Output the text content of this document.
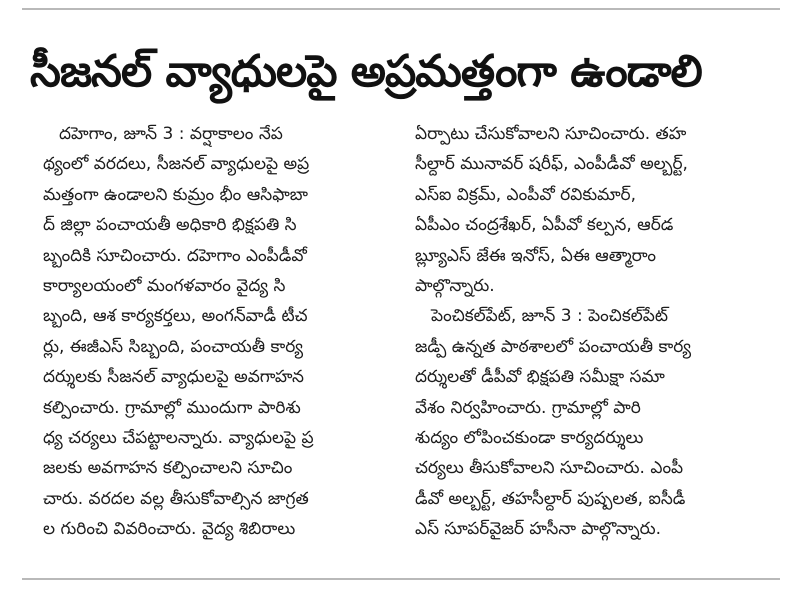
సీజనల్ వ్యాధులపై అప్రమత్తంగా ఉండాలి
దహెగాం, జూన్ 3 : వర్షాకాలం నేప
థ్యంలో వరదలు, సీజనల్ వ్యాధులపై అప్ర
మత్తంగా ఉండాలని కుమ్రం భీం ఆసిఫాబా
ద్ జిల్లా పంచాయతీ అధికారి భిక్షపతి సి
బ్బందికి సూచించారు. దహెగాం ఎంపీడీవో
కార్యాలయంలో మంగళవారం వైద్య సి
బ్బంది, ఆశ కార్యకర్తలు, అంగన్‌వాడీ టీచ
ర్లు, ఈజీఎస్ సిబ్బంది, పంచాయతీ కార్య
దర్శులకు సీజనల్ వ్యాధులపై అవగాహన
కల్పించారు. గ్రామాల్లో ముందుగా పారిశు
ధ్య చర్యలు చేపట్టాలన్నారు. వ్యాధులపై ప్ర
జలకు అవగాహన కల్పించాలని సూచిం
చారు. వరదల వల్ల తీసుకోవాల్సిన జాగ్రత
ల గురించి వివరించారు. వైద్య శిబిరాలు
ఏర్పాటు చేసుకోవాలని సూచించారు. తహ
సీల్దార్ మునావర్ షరీఫ్, ఎంపీడీవో అల్బర్ట్,
ఎస్ఐ విక్రమ్, ఎంపీవో రవికుమార్,
ఏపీఎం చంద్రశేఖర్, ఏపీవో కల్పన, ఆర్‌డ
బ్ల్యూఎస్ జేఈ ఇనోస్, ఏఈ ఆత్మారాం
పాల్గొన్నారు.
పెంచికల్‌పేట్, జూన్ 3 : పెంచికల్‌పేట్
జడ్పీ ఉన్నత పాఠశాలలో పంచాయతీ కార్య
దర్శులతో డీపీవో భిక్షపతి సమీక్షా సమా
వేశం నిర్వహించారు. గ్రామాల్లో పారి
శుద్యం లోపించకుండా కార్యదర్శులు
చర్యలు తీసుకోవాలని సూచించారు. ఎంపీ
డీవో అల్బర్ట్, తహసీల్దార్ పుష్పలత, ఐసీడీ
ఎస్ సూపర్‌వైజర్ హసీనా పాల్గొన్నారు.
